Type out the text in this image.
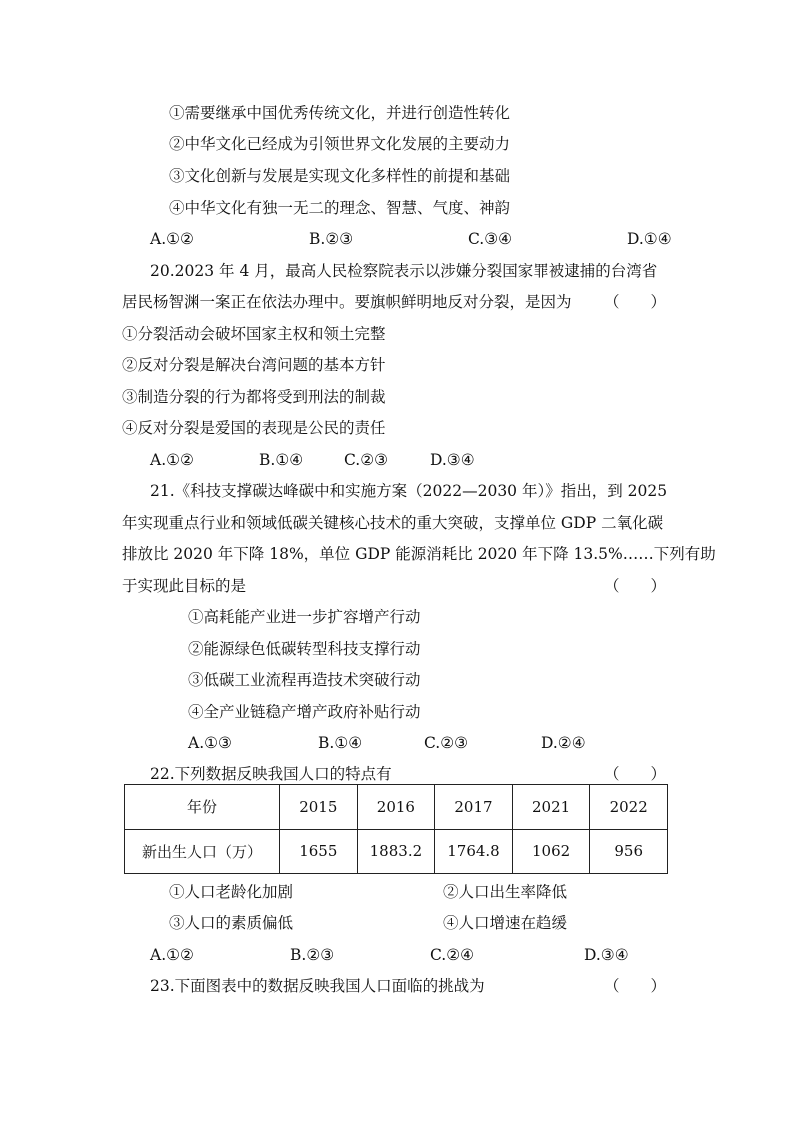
①需要继承中国优秀传统文化，并进行创造性转化
②中华文化已经成为引领世界文化发展的主要动力
③文化创新与发展是实现文化多样性的前提和基础
④中华文化有独一无二的理念、智慧、气度、神韵
A.①②	B.②③	C.③④	D.①④
20.2023 年 4 月，最高人民检察院表示以涉嫌分裂国家罪被逮捕的台湾省
居民杨智渊一案正在依法办理中。要旗帜鲜明地反对分裂，是因为 （　　）
①分裂活动会破坏国家主权和领土完整
②反对分裂是解决台湾问题的基本方针
③制造分裂的行为都将受到刑法的制裁
④反对分裂是爱国的表现是公民的责任
A.①②	B.①④	C.②③	D.③④
21.《科技支撑碳达峰碳中和实施方案（2022—2030 年）》指出，到 2025
年实现重点行业和领域低碳关键核心技术的重大突破，支撑单位 GDP 二氧化碳
排放比 2020 年下降 18%，单位 GDP 能源消耗比 2020 年下降 13.5%……下列有助
于实现此目标的是	（　　）
①高耗能产业进一步扩容增产行动
②能源绿色低碳转型科技支撑行动
③低碳工业流程再造技术突破行动
④全产业链稳产增产政府补贴行动
A.①③	B.①④	C.②③	D.②④
22.下列数据反映我国人口的特点有	（　　）
年份	2015	2016	2017	2021	2022
新出生人口（万）	1655	1883.2	1764.8	1062	956
①人口老龄化加剧	②人口出生率降低
③人口的素质偏低	④人口增速在趋缓
A.①②	B.②③	C.②④	D.③④
23.下面图表中的数据反映我国人口面临的挑战为	（　　）
